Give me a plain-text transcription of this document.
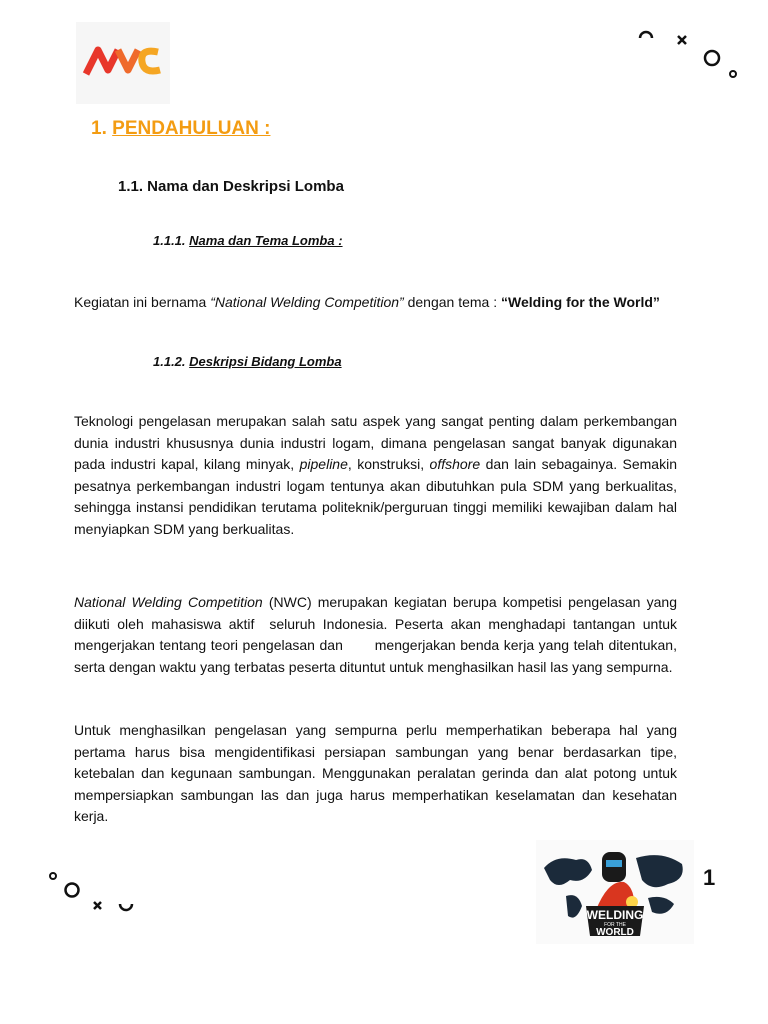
1. PENDAHULUAN :
1.1. Nama dan Deskripsi Lomba
1.1.1. Nama dan Tema Lomba :

Kegiatan ini bernama “National Welding Competition” dengan tema : “Welding for the World”

1.1.2. Deskripsi Bidang Lomba

Teknologi pengelasan merupakan salah satu aspek yang sangat penting dalam perkembangan dunia industri khususnya dunia industri logam, dimana pengelasan sangat banyak digunakan pada industri kapal, kilang minyak, pipeline, konstruksi, offshore dan lain sebagainya. Semakin pesatnya perkembangan industri logam tentunya akan dibutuhkan pula SDM yang berkualitas, sehingga instansi pendidikan terutama politeknik/perguruan tinggi memiliki kewajiban dalam hal menyiapkan SDM yang berkualitas.

National Welding Competition (NWC) merupakan kegiatan berupa kompetisi pengelasan yang diikuti oleh mahasiswa aktif  seluruh Indonesia. Peserta akan menghadapi tantangan untuk mengerjakan tentang teori pengelasan dan       mengerjakan benda kerja yang telah ditentukan, serta dengan waktu yang terbatas peserta dituntut untuk menghasilkan hasil las yang sempurna.

Untuk menghasilkan pengelasan yang sempurna perlu memperhatikan beberapa hal yang pertama harus bisa mengidentifikasi persiapan sambungan yang benar berdasarkan tipe, ketebalan dan kegunaan sambungan. Menggunakan peralatan gerinda dan alat potong untuk mempersiapkan sambungan las dan juga harus memperhatikan keselamatan dan kesehatan kerja.

WELDING
FOR THE
WORLD
1
